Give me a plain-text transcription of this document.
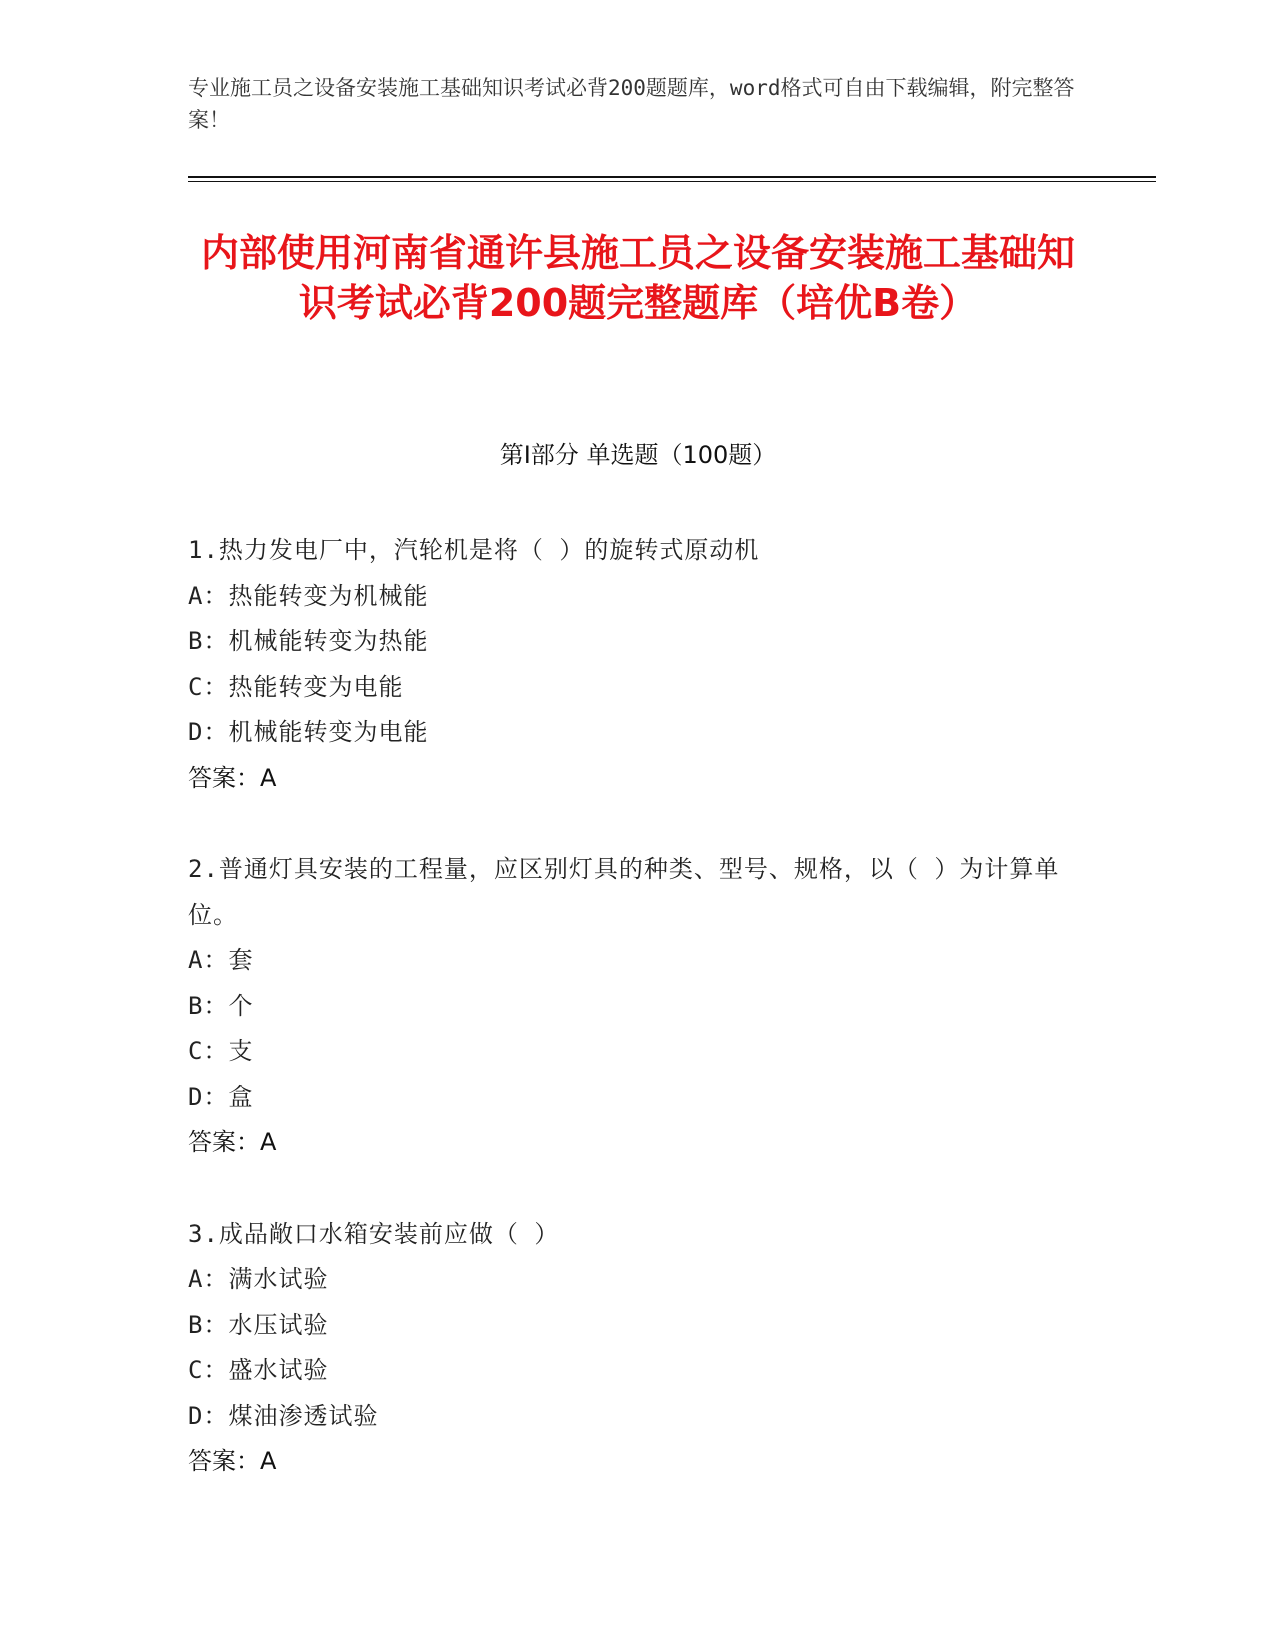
专业施工员之设备安装施工基础知识考试必背200题题库，word格式可自由下载编辑，附完整答案！
内部使用河南省通许县施工员之设备安装施工基础知识考试必背200题完整题库（培优B卷）
第Ⅰ部分 单选题（100题）
1.热力发电厂中，汽轮机是将（ ）的旋转式原动机
A：热能转变为机械能
B：机械能转变为热能
C：热能转变为电能
D：机械能转变为电能
答案：A
2.普通灯具安装的工程量，应区别灯具的种类、型号、规格，以（ ）为计算单位。
A：套
B：个
C：支
D：盒
答案：A
3.成品敞口水箱安装前应做（ ）
A：满水试验
B：水压试验
C：盛水试验
D：煤油渗透试验
答案：A
